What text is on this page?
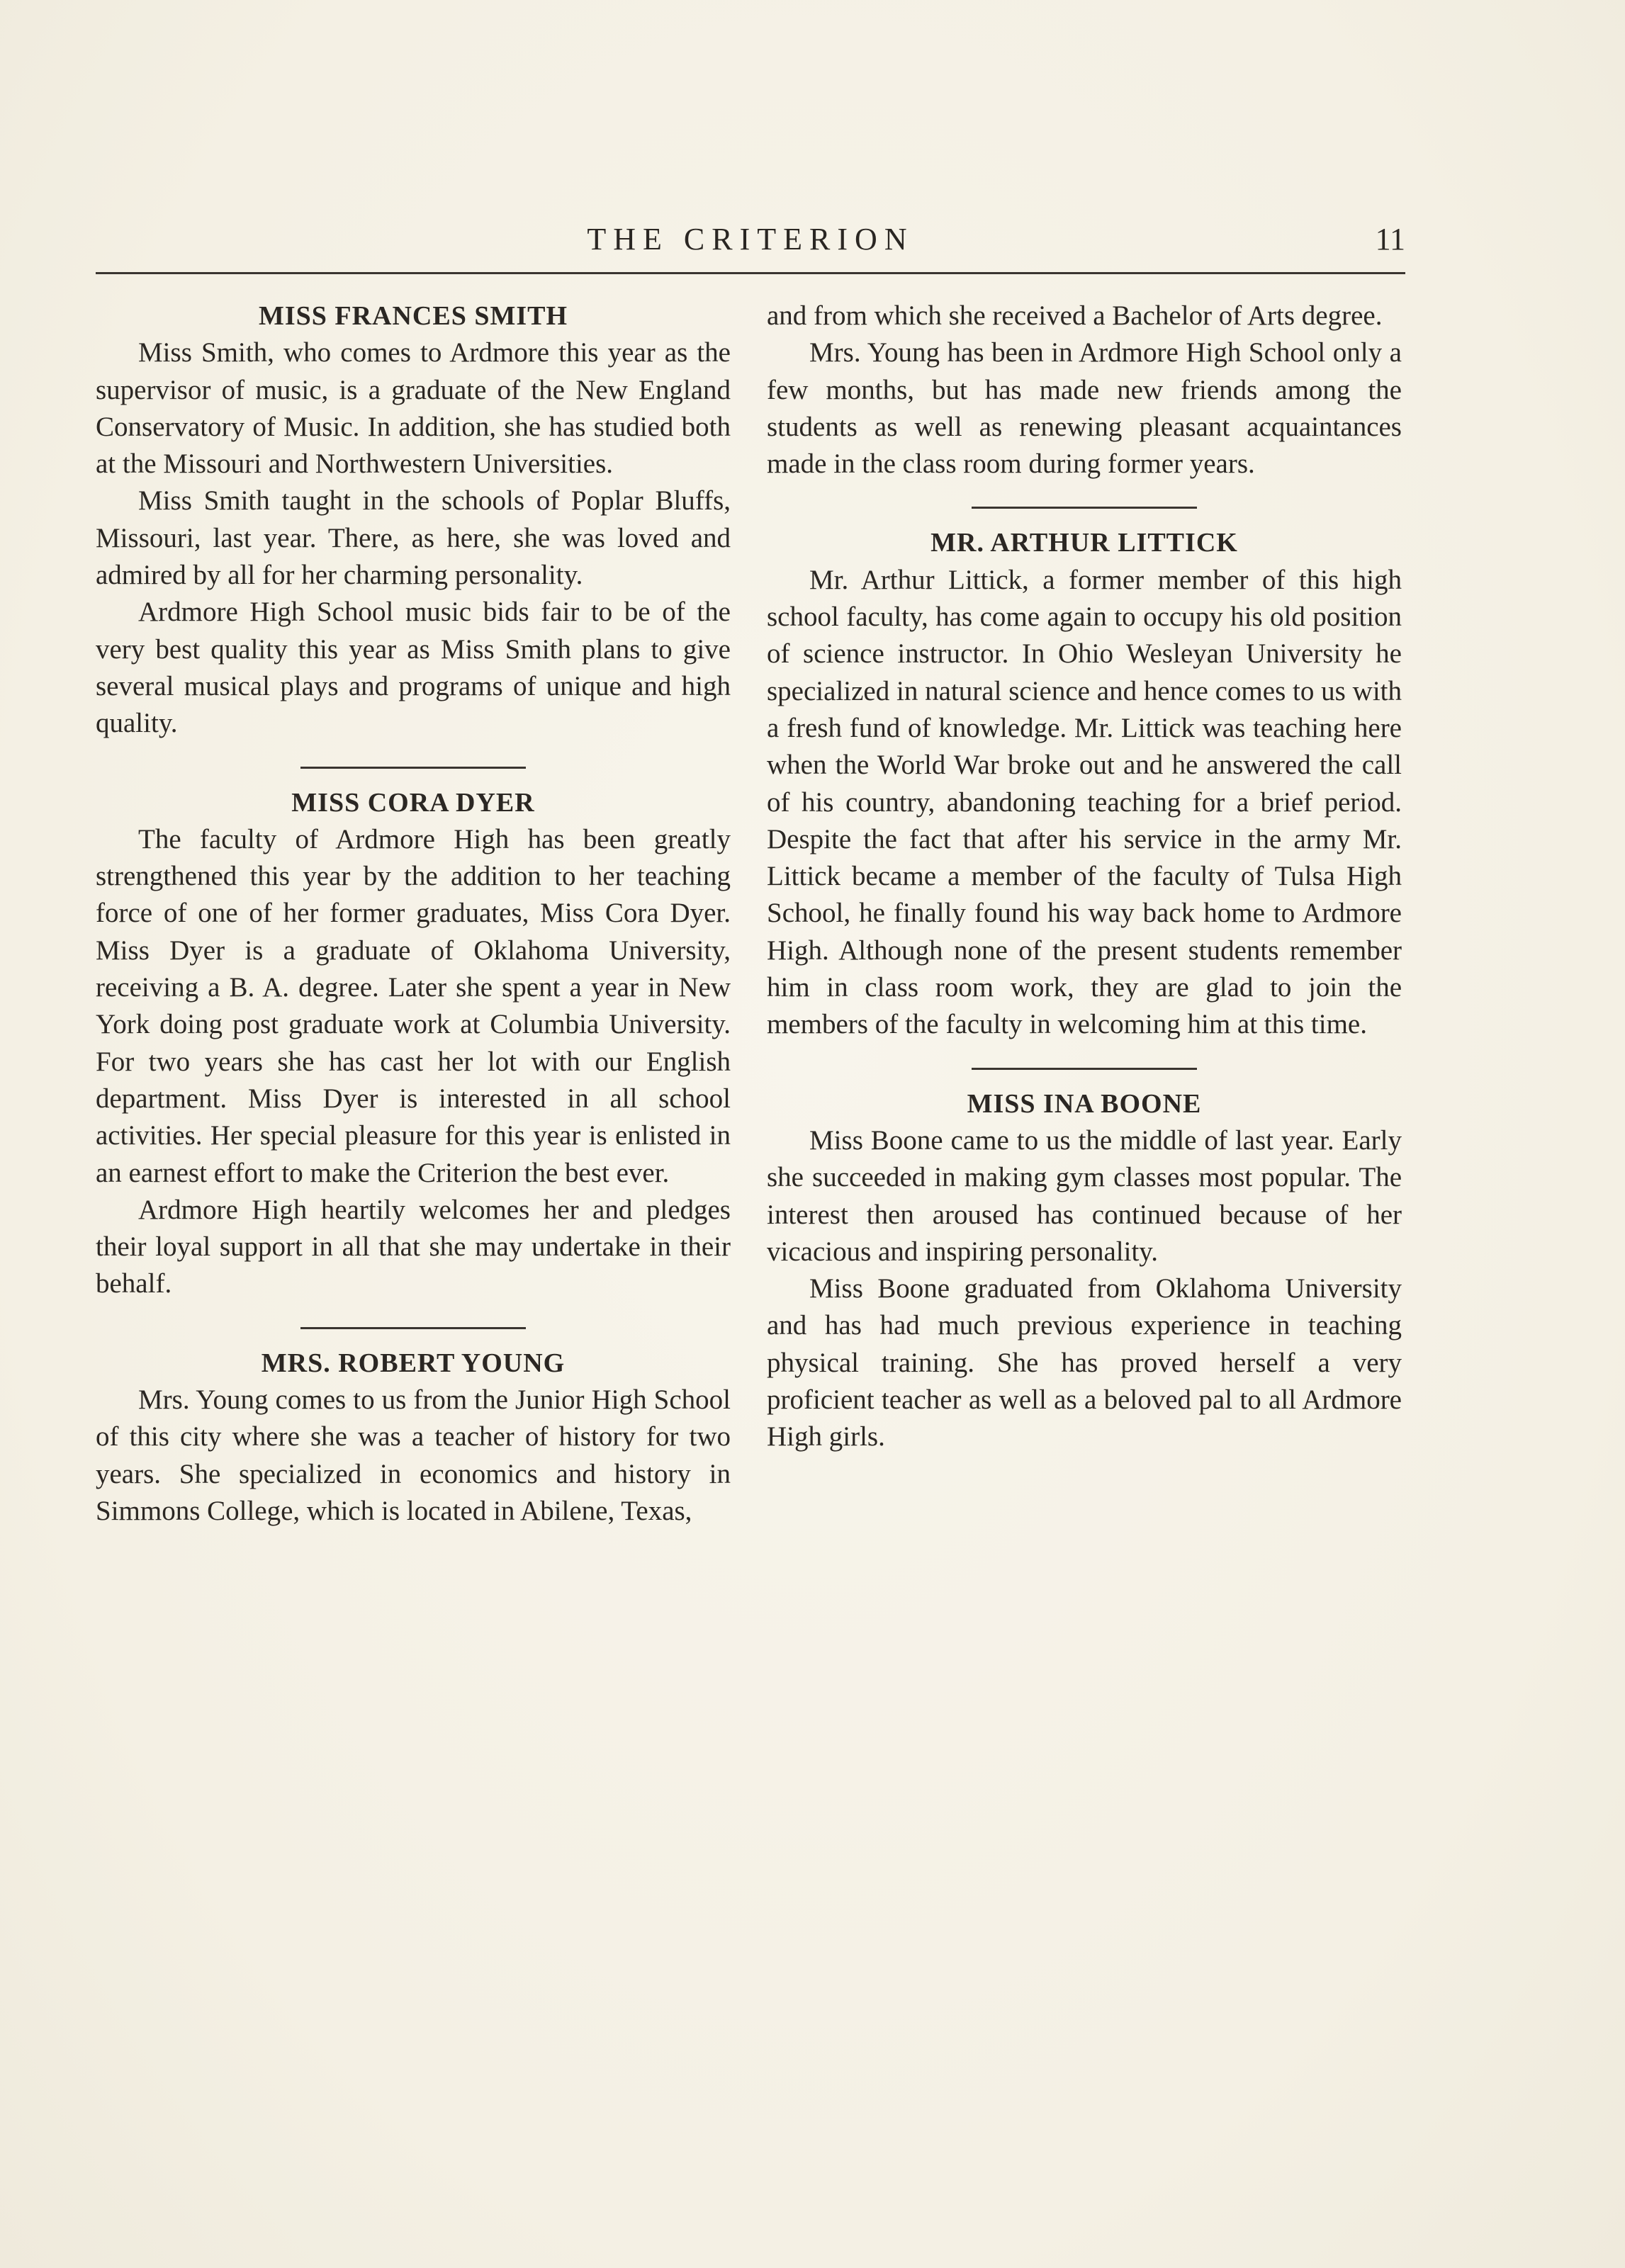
THE CRITERION	11
MISS FRANCES SMITH

Miss Smith, who comes to Ardmore this year as the supervisor of music, is a graduate of the New England Conservatory of Music. In addition, she has studied both at the Missouri and Northwestern Universities.

Miss Smith taught in the schools of Poplar Bluffs, Missouri, last year. There, as here, she was loved and admired by all for her charming personality.

Ardmore High School music bids fair to be of the very best quality this year as Miss Smith plans to give several musical plays and programs of unique and high quality.

MISS CORA DYER

The faculty of Ardmore High has been greatly strengthened this year by the addition to her teaching force of one of her former graduates, Miss Cora Dyer. Miss Dyer is a graduate of Oklahoma University, receiving a B. A. degree. Later she spent a year in New York doing post graduate work at Columbia University. For two years she has cast her lot with our English department. Miss Dyer is interested in all school activities. Her special pleasure for this year is enlisted in an earnest effort to make the Criterion the best ever.

Ardmore High heartily welcomes her and pledges their loyal support in all that she may undertake in their behalf.

MRS. ROBERT YOUNG

Mrs. Young comes to us from the Junior High School of this city where she was a teacher of history for two years. She specialized in economics and history in Simmons College, which is located in Abilene, Texas,

and from which she received a Bachelor of Arts degree.

Mrs. Young has been in Ardmore High School only a few months, but has made new friends among the students as well as renewing pleasant acquaintances made in the class room during former years.

MR. ARTHUR LITTICK

Mr. Arthur Littick, a former member of this high school faculty, has come again to occupy his old position of science instructor. In Ohio Wesleyan University he specialized in natural science and hence comes to us with a fresh fund of knowledge. Mr. Littick was teaching here when the World War broke out and he answered the call of his country, abandoning teaching for a brief period. Despite the fact that after his service in the army Mr. Littick became a member of the faculty of Tulsa High School, he finally found his way back home to Ardmore High. Although none of the present students remember him in class room work, they are glad to join the members of the faculty in welcoming him at this time.

MISS INA BOONE

Miss Boone came to us the middle of last year. Early she succeeded in making gym classes most popular. The interest then aroused has continued because of her vicacious and inspiring personality.

Miss Boone graduated from Oklahoma University and has had much previous experience in teaching physical training. She has proved herself a very proficient teacher as well as a beloved pal to all Ardmore High girls.
